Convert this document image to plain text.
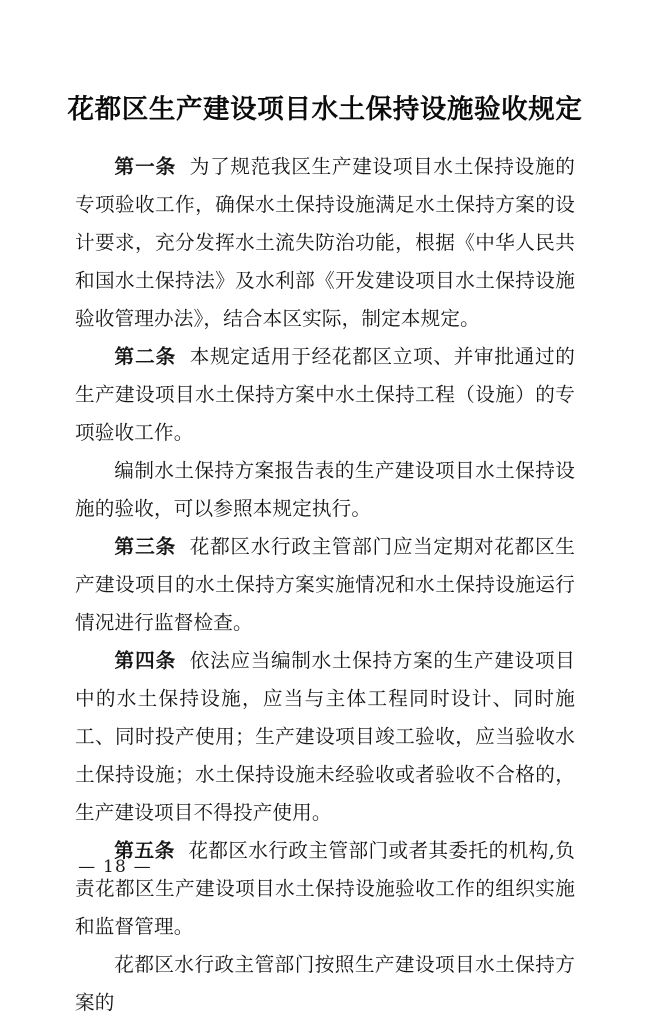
花都区生产建设项目水土保持设施验收规定

第一条 为了规范我区生产建设项目水土保持设施的专项验收工作，确保水土保持设施满足水土保持方案的设计要求，充分发挥水土流失防治功能，根据《中华人民共和国水土保持法》及水利部《开发建设项目水土保持设施验收管理办法》，结合本区实际，制定本规定。

第二条 本规定适用于经花都区立项、并审批通过的生产建设项目水土保持方案中水土保持工程（设施）的专项验收工作。

编制水土保持方案报告表的生产建设项目水土保持设施的验收，可以参照本规定执行。

第三条 花都区水行政主管部门应当定期对花都区生产建设项目的水土保持方案实施情况和水土保持设施运行情况进行监督检查。

第四条 依法应当编制水土保持方案的生产建设项目中的水土保持设施，应当与主体工程同时设计、同时施工、同时投产使用；生产建设项目竣工验收，应当验收水土保持设施；水土保持设施未经验收或者验收不合格的，生产建设项目不得投产使用。

第五条 花都区水行政主管部门或者其委托的机构,负责花都区生产建设项目水土保持设施验收工作的组织实施和监督管理。

花都区水行政主管部门按照生产建设项目水土保持方案的

— 18 —
